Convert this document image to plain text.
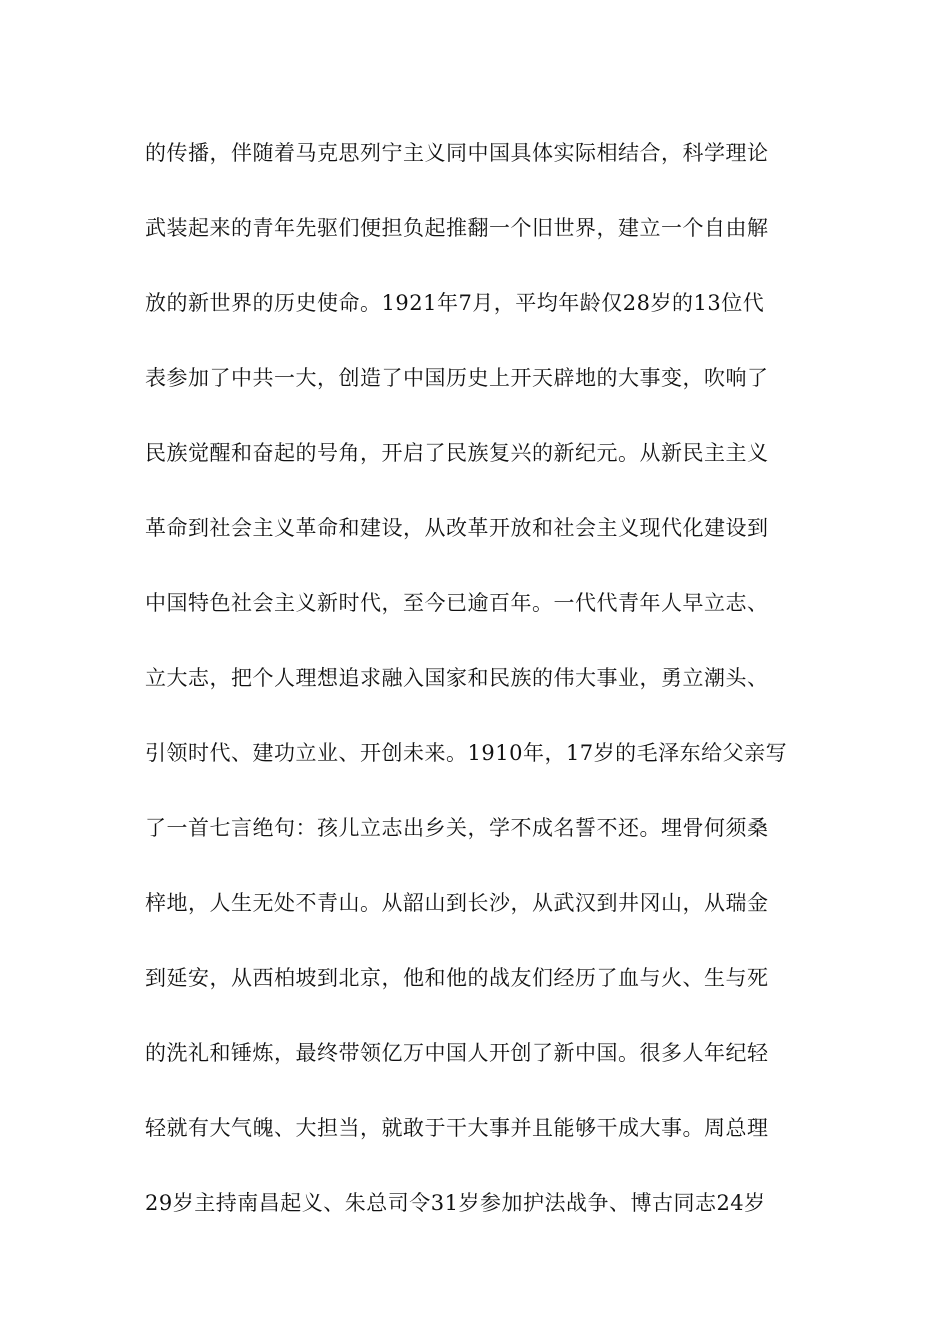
的传播，伴随着马克思列宁主义同中国具体实际相结合，科学理论
武装起来的青年先驱们便担负起推翻一个旧世界，建立一个自由解
放的新世界的历史使命。1921年7月，平均年龄仅28岁的13位代
表参加了中共一大，创造了中国历史上开天辟地的大事变，吹响了
民族觉醒和奋起的号角，开启了民族复兴的新纪元。从新民主主义
革命到社会主义革命和建设，从改革开放和社会主义现代化建设到
中国特色社会主义新时代，至今已逾百年。一代代青年人早立志、
立大志，把个人理想追求融入国家和民族的伟大事业，勇立潮头、
引领时代、建功立业、开创未来。1910年，17岁的毛泽东给父亲写
了一首七言绝句：孩儿立志出乡关，学不成名誓不还。埋骨何须桑
梓地，人生无处不青山。从韶山到长沙，从武汉到井冈山，从瑞金
到延安，从西柏坡到北京，他和他的战友们经历了血与火、生与死
的洗礼和锤炼，最终带领亿万中国人开创了新中国。很多人年纪轻
轻就有大气魄、大担当，就敢于干大事并且能够干成大事。周总理
29岁主持南昌起义、朱总司令31岁参加护法战争、博古同志24岁
